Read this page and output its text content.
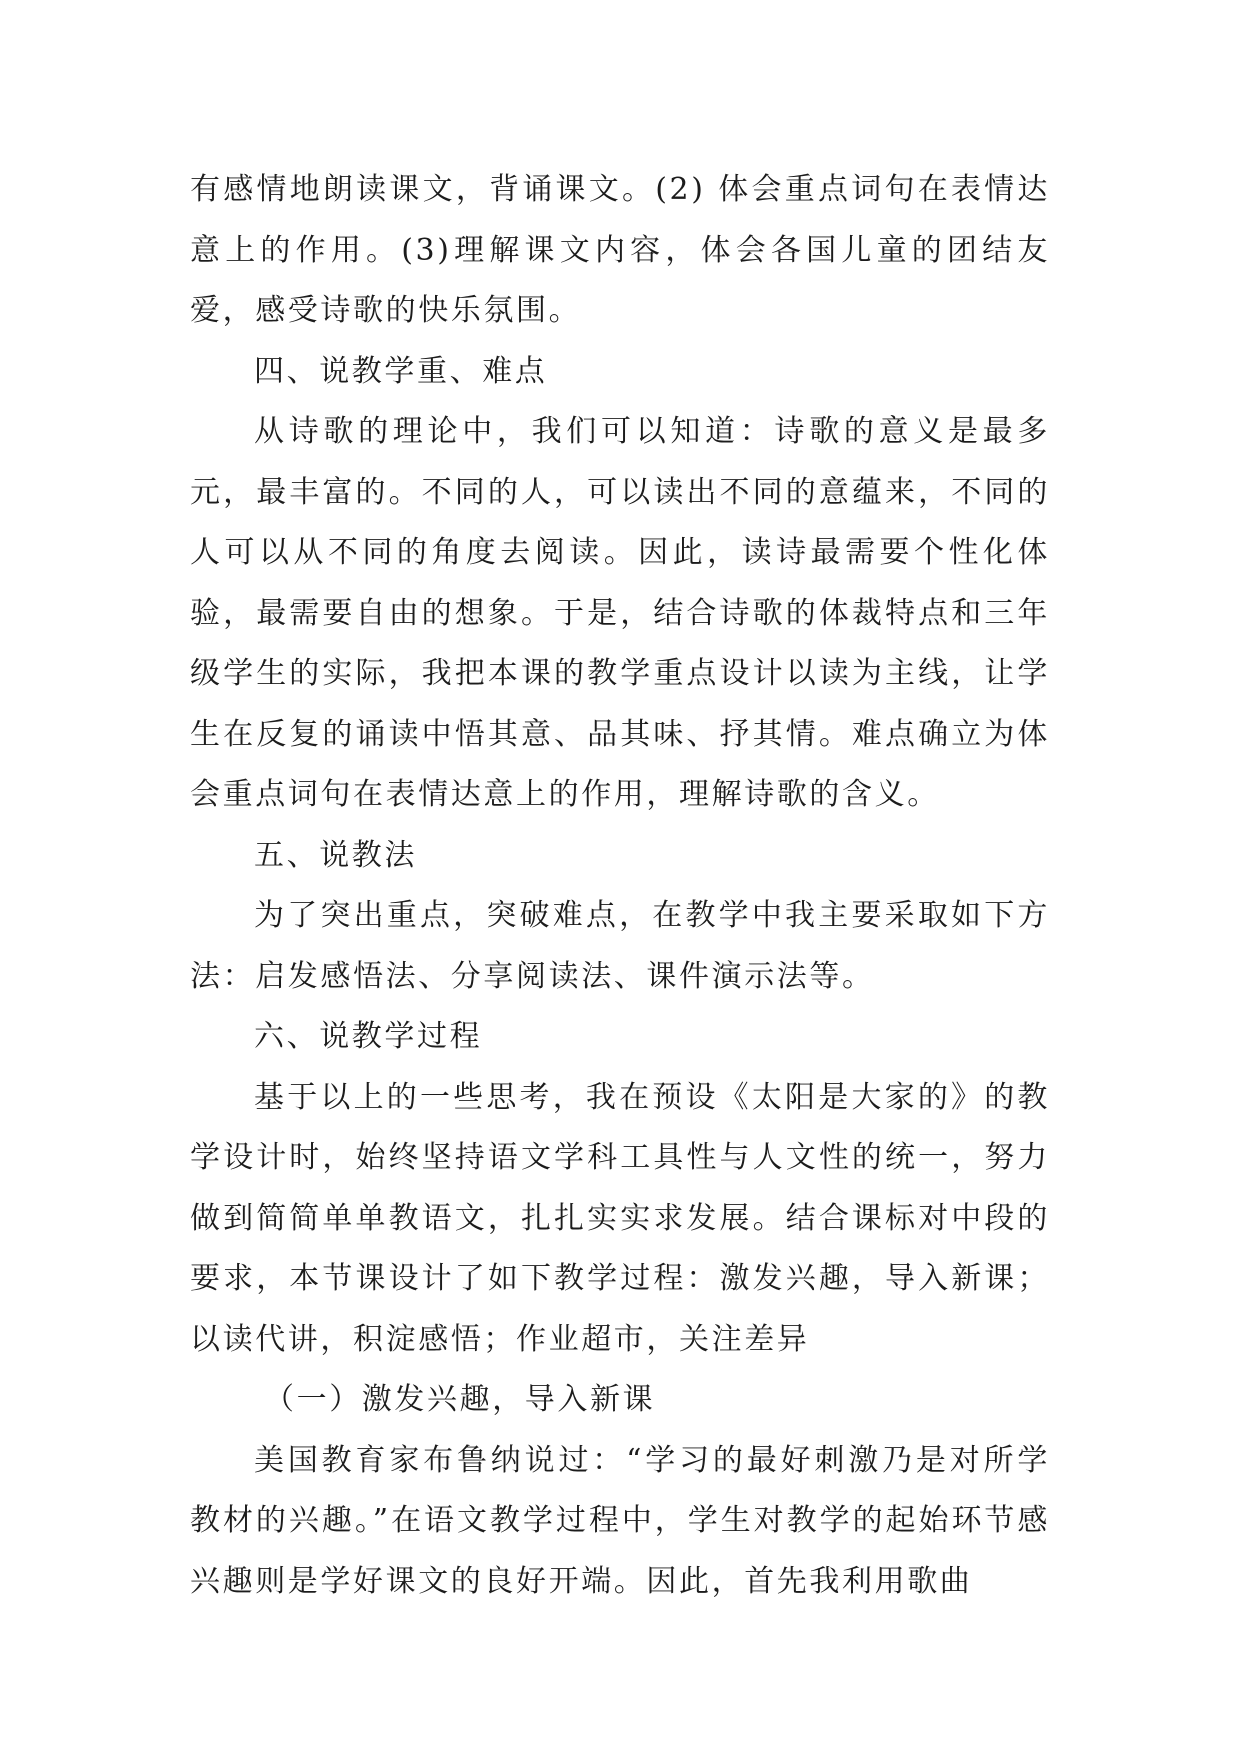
有感情地朗读课文，背诵课文。(2) 体会重点词句在表情达意上的作用。(3)理解课文内容，体会各国儿童的团结友爱，感受诗歌的快乐氛围。

四、说教学重、难点

从诗歌的理论中，我们可以知道：诗歌的意义是最多元，最丰富的。不同的人，可以读出不同的意蕴来，不同的人可以从不同的角度去阅读。因此，读诗最需要个性化体验，最需要自由的想象。于是，结合诗歌的体裁特点和三年级学生的实际，我把本课的教学重点设计以读为主线，让学生在反复的诵读中悟其意、品其味、抒其情。难点确立为体会重点词句在表情达意上的作用，理解诗歌的含义。

五、说教法

为了突出重点，突破难点，在教学中我主要采取如下方法：启发感悟法、分享阅读法、课件演示法等。

六、说教学过程

基于以上的一些思考，我在预设《太阳是大家的》的教学设计时，始终坚持语文学科工具性与人文性的统一，努力做到简简单单教语文，扎扎实实求发展。结合课标对中段的要求，本节课设计了如下教学过程：激发兴趣，导入新课；以读代讲，积淀感悟；作业超市，关注差异

（一）激发兴趣，导入新课

美国教育家布鲁纳说过：“学习的最好刺激乃是对所学教材的兴趣。”在语文教学过程中，学生对教学的起始环节感兴趣则是学好课文的良好开端。因此，首先我利用歌曲
